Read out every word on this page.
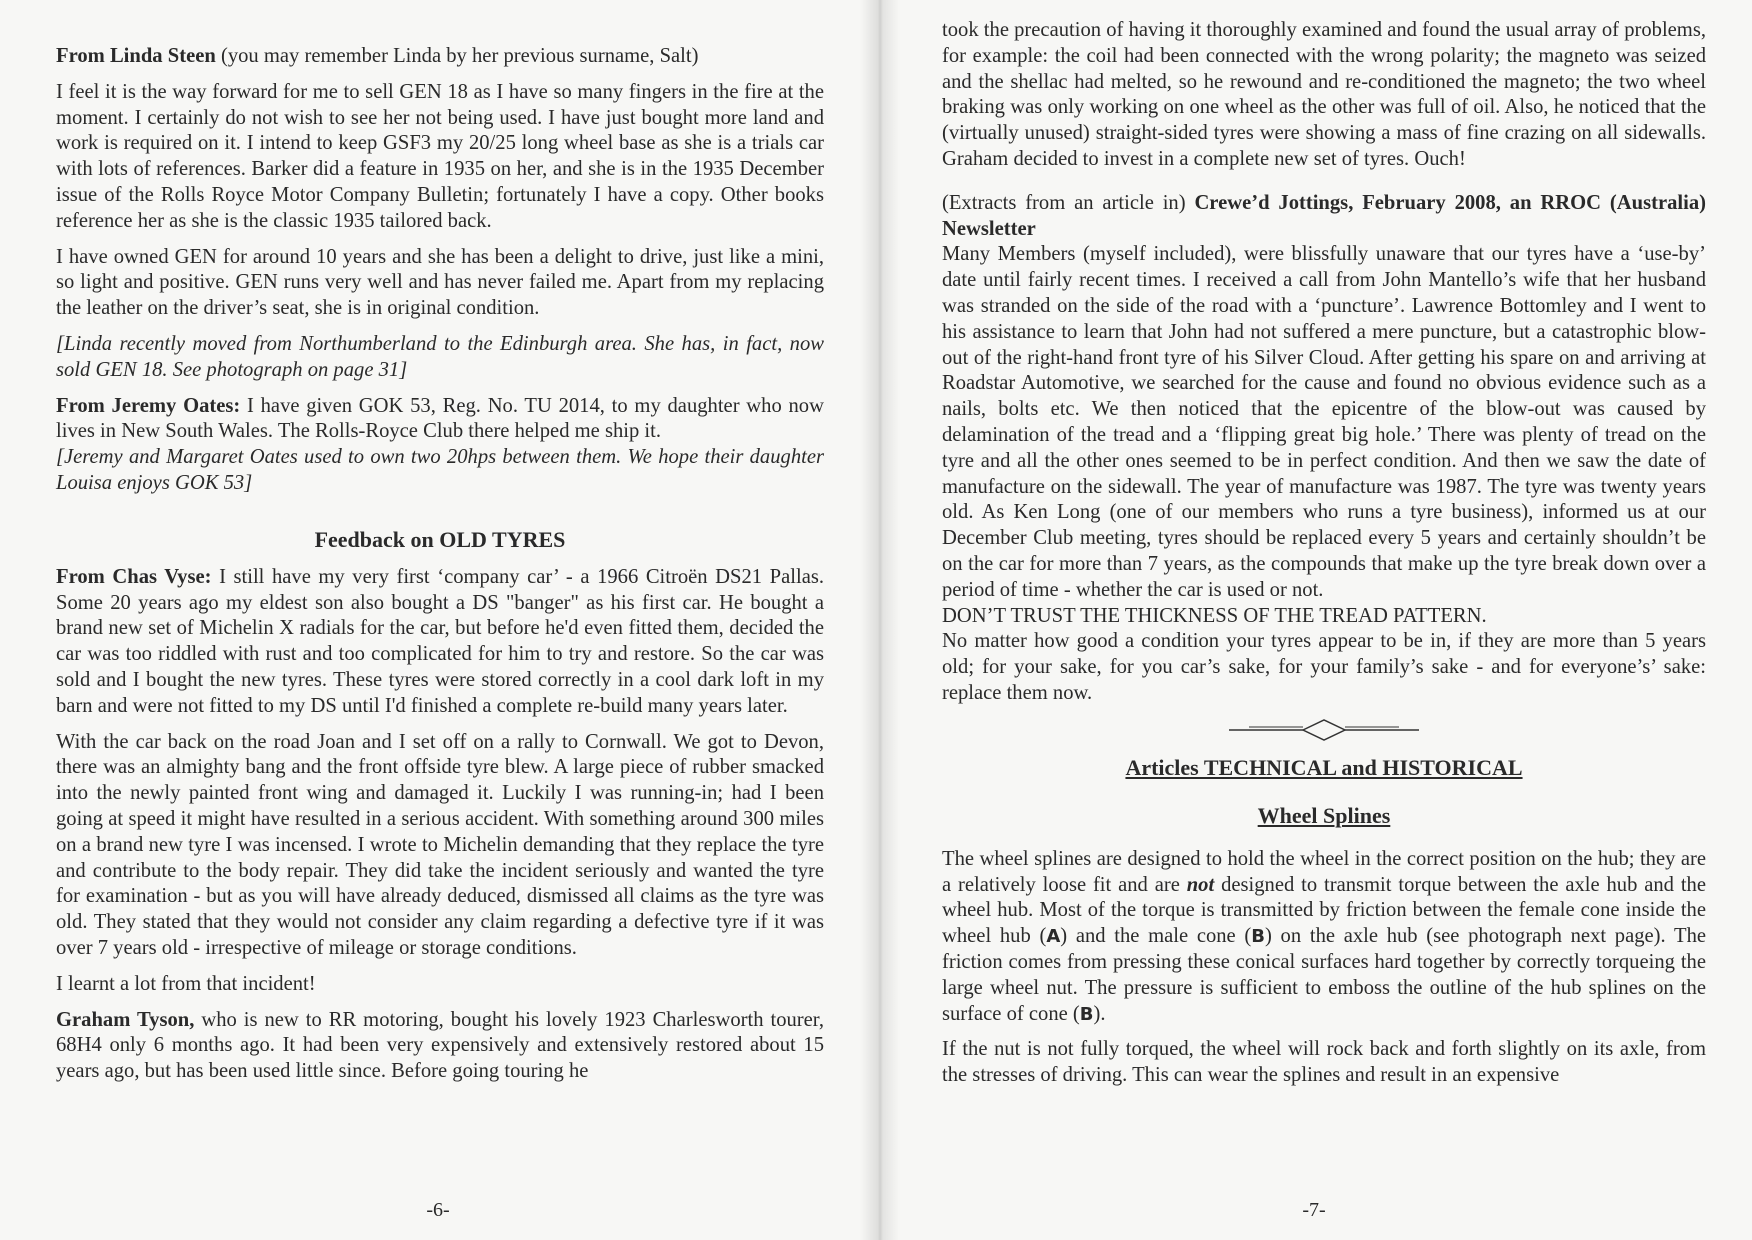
From Linda Steen (you may remember Linda by her previous surname, Salt)

I feel it is the way forward for me to sell GEN 18 as I have so many fingers in the fire at the moment. I certainly do not wish to see her not being used. I have just bought more land and work is required on it. I intend to keep GSF3 my 20/25 long wheel base as she is a trials car with lots of references. Barker did a feature in 1935 on her, and she is in the 1935 December issue of the Rolls Royce Motor Company Bulletin; fortunately I have a copy. Other books reference her as she is the classic 1935 tailored back.

I have owned GEN for around 10 years and she has been a delight to drive, just like a mini, so light and positive. GEN runs very well and has never failed me. Apart from my replacing the leather on the driver’s seat, she is in original condition.

[Linda recently moved from Northumberland to the Edinburgh area. She has, in fact, now sold GEN 18. See photograph on page 31]

From Jeremy Oates: I have given GOK 53, Reg. No. TU 2014, to my daughter who now lives in New South Wales. The Rolls-Royce Club there helped me ship it.

[Jeremy and Margaret Oates used to own two 20hps between them. We hope their daughter Louisa enjoys GOK 53]

Feedback on OLD TYRES

From Chas Vyse: I still have my very first ‘company car’ - a 1966 Citroën DS21 Pallas. Some 20 years ago my eldest son also bought a DS "banger" as his first car. He bought a brand new set of Michelin X radials for the car, but before he'd even fitted them, decided the car was too riddled with rust and too complicated for him to try and restore. So the car was sold and I bought the new tyres. These tyres were stored correctly in a cool dark loft in my barn and were not fitted to my DS until I'd finished a complete re-build many years later.

With the car back on the road Joan and I set off on a rally to Cornwall. We got to Devon, there was an almighty bang and the front offside tyre blew. A large piece of rubber smacked into the newly painted front wing and damaged it. Luckily I was running-in; had I been going at speed it might have resulted in a serious accident. With something around 300 miles on a brand new tyre I was incensed. I wrote to Michelin demanding that they replace the tyre and contribute to the body repair. They did take the incident seriously and wanted the tyre for examination - but as you will have already deduced, dismissed all claims as the tyre was old. They stated that they would not consider any claim regarding a defective tyre if it was over 7 years old - irrespective of mileage or storage conditions.

I learnt a lot from that incident!

Graham Tyson, who is new to RR motoring, bought his lovely 1923 Charlesworth tourer, 68H4 only 6 months ago. It had been very expensively and extensively restored about 15 years ago, but has been used little since. Before going touring he

-6-

took the precaution of having it thoroughly examined and found the usual array of problems, for example: the coil had been connected with the wrong polarity; the magneto was seized and the shellac had melted, so he rewound and re-conditioned the magneto; the two wheel braking was only working on one wheel as the other was full of oil. Also, he noticed that the (virtually unused) straight-sided tyres were showing a mass of fine crazing on all sidewalls. Graham decided to invest in a complete new set of tyres. Ouch!

(Extracts from an article in) Crewe’d Jottings, February 2008, an RROC (Australia) Newsletter

Many Members (myself included), were blissfully unaware that our tyres have a ‘use-by’ date until fairly recent times. I received a call from John Mantello’s wife that her husband was stranded on the side of the road with a ‘puncture’. Lawrence Bottomley and I went to his assistance to learn that John had not suffered a mere puncture, but a catastrophic blow-out of the right-hand front tyre of his Silver Cloud. After getting his spare on and arriving at Roadstar Automotive, we searched for the cause and found no obvious evidence such as a nails, bolts etc. We then noticed that the epicentre of the blow-out was caused by delamination of the tread and a ‘flipping great big hole.’ There was plenty of tread on the tyre and all the other ones seemed to be in perfect condition. And then we saw the date of manufacture on the sidewall. The year of manufacture was 1987. The tyre was twenty years old. As Ken Long (one of our members who runs a tyre business), informed us at our December Club meeting, tyres should be replaced every 5 years and certainly shouldn’t be on the car for more than 7 years, as the compounds that make up the tyre break down over a period of time - whether the car is used or not.

DON’T TRUST THE THICKNESS OF THE TREAD PATTERN.

No matter how good a condition your tyres appear to be in, if they are more than 5 years old; for your sake, for you car’s sake, for your family’s sake - and for everyone’s’ sake: replace them now.

Articles TECHNICAL and HISTORICAL
Wheel Splines

The wheel splines are designed to hold the wheel in the correct position on the hub; they are a relatively loose fit and are not designed to transmit torque between the axle hub and the wheel hub. Most of the torque is transmitted by friction between the female cone inside the wheel hub (A) and the male cone (B) on the axle hub (see photograph next page). The friction comes from pressing these conical surfaces hard together by correctly torqueing the large wheel nut. The pressure is sufficient to emboss the outline of the hub splines on the surface of cone (B).

If the nut is not fully torqued, the wheel will rock back and forth slightly on its axle, from the stresses of driving. This can wear the splines and result in an expensive

-7-
